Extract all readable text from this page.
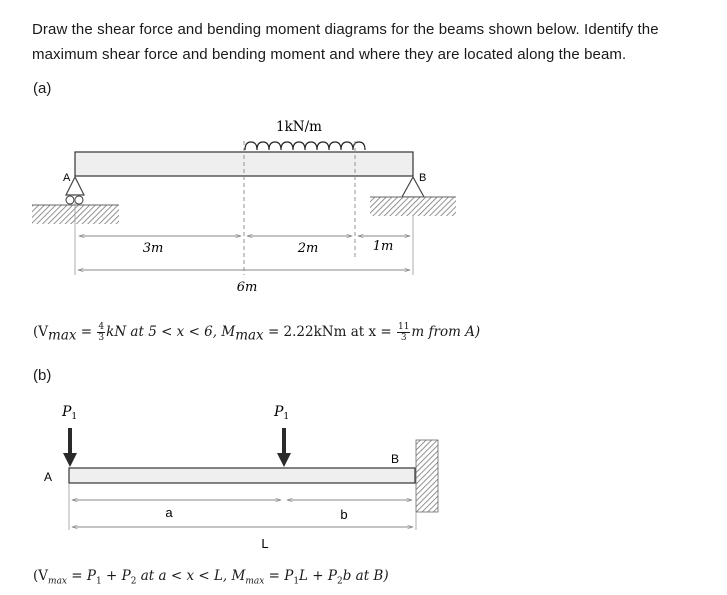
Draw the shear force and bending moment diagrams for the beams shown below. Identify the
maximum shear force and bending moment and where they are located along the beam.
(a)
1kN/m
A	B
3m	2m	1m
6m
$P_1$	$P_1$
A
B
a	b
L
($V_{max} = \frac{4}{3}$ kN at 5 < x < 6, $M_{max} = 2.22kNm$ at $x = \frac{11}{3}$ m from A)
(b)
($V_{max} = P_1 + P_2$ at a < x < L, $M_{max} = P_1L + P_2b$ at B)
